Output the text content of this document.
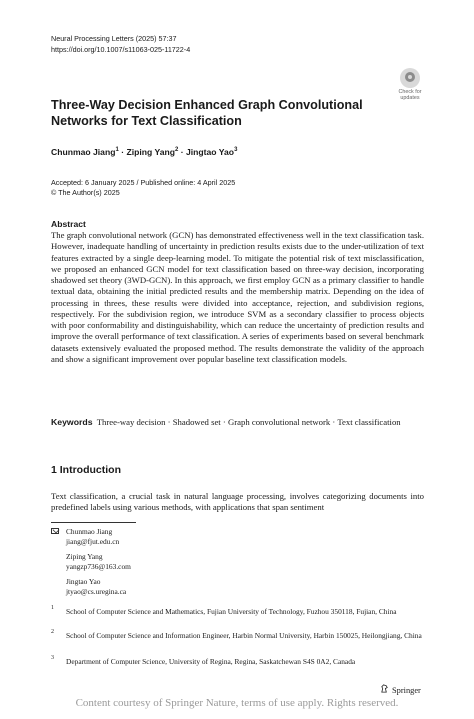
Neural Processing Letters (2025) 57:37
https://doi.org/10.1007/s11063-025-11722-4
Check for
updates
Three-Way Decision Enhanced Graph Convolutional Networks for Text Classification
Chunmao Jiang$^1$ · Ziping Yang$^2$ · Jingtao Yao$^3$
Accepted: 6 January 2025 / Published online: 4 April 2025
© The Author(s) 2025
Abstract
The graph convolutional network (GCN) has demonstrated effectiveness well in the text classification task. However, inadequate handling of uncertainty in prediction results exists due to the under-utilization of text features extracted by a single deep-learning model. To mitigate the potential risk of text misclassification, we proposed an enhanced GCN model for text classification based on three-way decision, incorporating shadowed set theory (3WD-GCN). In this approach, we first employ GCN as a primary classifier to handle textual data, obtaining the initial predicted results and the membership matrix. Depending on the idea of processing in threes, these results were divided into acceptance, rejection, and subdivision regions, respectively. For the subdivision region, we introduce SVM as a secondary classifier to process objects with poor conformability and distinguishability, which can reduce the uncertainty of prediction results and improve the overall performance of text classification. A series of experiments based on several benchmark datasets extensively evaluated the proposed method. The results demonstrate the validity of the approach and show a significant improvement over popular baseline text classification models.
Keywords Three-way decision · Shadowed set · Graph convolutional network · Text classification
1 Introduction
Text classification, a crucial task in natural language processing, involves categorizing documents into predefined labels using various methods, with applications that span sentiment
Chunmao Jiang
jiang@fjut.edu.cn
Ziping Yang
yangzp736@163.com
Jingtao Yao
jtyao@cs.uregina.ca
1 School of Computer Science and Mathematics, Fujian University of Technology, Fuzhou 350118, Fujian, China
2 School of Computer Science and Information Engineer, Harbin Normal University, Harbin 150025, Heilongjiang, China
3 Department of Computer Science, University of Regina, Regina, Saskatchewan S4S 0A2, Canada
Springer
Content courtesy of Springer Nature, terms of use apply. Rights reserved.
